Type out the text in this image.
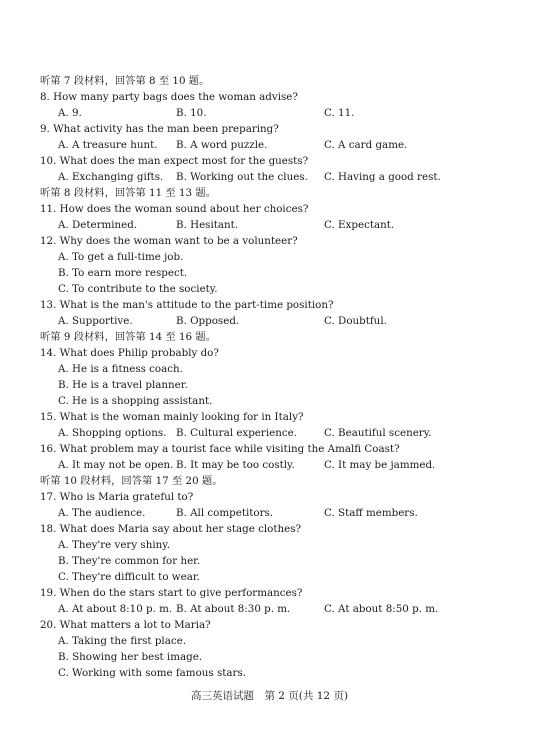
听第 7 段材料，回答第 8 至 10 题。
8. How many party bags does the woman advise?
A. 9.	B. 10.	C. 11.
9. What activity has the man been preparing?
A. A treasure hunt. B. A word puzzle.	C. A card game.
10. What does the man expect most for the guests?
A. Exchanging gifts. B. Working out the clues. C. Having a good rest.
听第 8 段材料，回答第 11 至 13 题。
11. How does the woman sound about her choices?
A. Determined.	B. Hesitant.	C. Expectant.
12. Why does the woman want to be a volunteer?
A. To get a full-time job.
B. To earn more respect.
C. To contribute to the society.
13. What is the man's attitude to the part-time position?
A. Supportive.	B. Opposed.	C. Doubtful.
听第 9 段材料，回答第 14 至 16 题。
14. What does Philip probably do?
A. He is a fitness coach.
B. He is a travel planner.
C. He is a shopping assistant.
15. What is the woman mainly looking for in Italy?
A. Shopping options. B. Cultural experience.	C. Beautiful scenery.
16. What problem may a tourist face while visiting the Amalfi Coast?
A. It may not be open. B. It may be too costly.	C. It may be jammed.
听第 10 段材料，回答第 17 至 20 题。
17. Who is Maria grateful to?
A. The audience.	B. All competitors.	C. Staff members.
18. What does Maria say about her stage clothes?
A. They're very shiny.
B. They're common for her.
C. They're difficult to wear.
19. When do the stars start to give performances?
A. At about 8:10 p. m. B. At about 8:30 p. m.	C. At about 8:50 p. m.
20. What matters a lot to Maria?
A. Taking the first place.
B. Showing her best image.
C. Working with some famous stars.
高三英语试题　第 2 页(共 12 页)
